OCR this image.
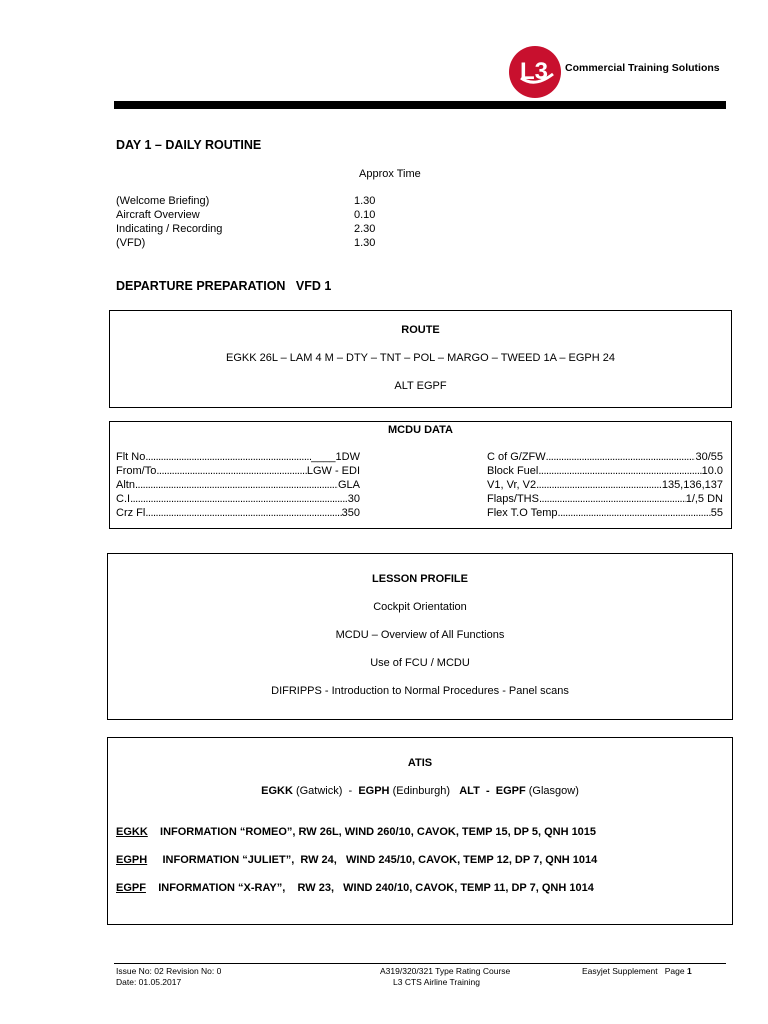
L3 Commercial Training Solutions
DAY 1 – DAILY ROUTINE
Approx Time
(Welcome Briefing)	1.30
Aircraft Overview	0.10
Indicating / Recording	2.30
(VFD)	1.30
DEPARTURE PREPARATION   VFD 1
ROUTE
EGKK 26L – LAM 4 M – DTY – TNT – POL – MARGO – TWEED 1A – EGPH 24
ALT EGPF
MCDU DATA
Flt No .....	____1DW
From/To .....	LGW - EDI
Altn .....	GLA
C.I .....	30
Crz Fl .....	350
C of G/ZFW .....	30/55
Block Fuel .....	10.0
V1, Vr, V2 .....	135,136,137
Flaps/THS .....	1/,5 DN
Flex T.O Temp .....	55
LESSON PROFILE
Cockpit Orientation
MCDU – Overview of All Functions
Use of FCU / MCDU
DIFRIPPS - Introduction to Normal Procedures - Panel scans
ATIS
EGKK (Gatwick) - EGPH (Edinburgh) ALT - EGPF (Glasgow)
EGKK INFORMATION “ROMEO”, RW 26L, WIND 260/10, CAVOK, TEMP 15, DP 5, QNH 1015
EGPH INFORMATION “JULIET”,  RW 24,   WIND 245/10, CAVOK, TEMP 12, DP 7, QNH 1014
EGPF INFORMATION “X-RAY”,    RW 23,   WIND 240/10, CAVOK, TEMP 11, DP 7, QNH 1014
Issue No: 02 Revision No: 0
Date: 01.05.2017
A319/320/321 Type Rating Course
L3 CTS Airline Training
Easyjet Supplement Page 1
